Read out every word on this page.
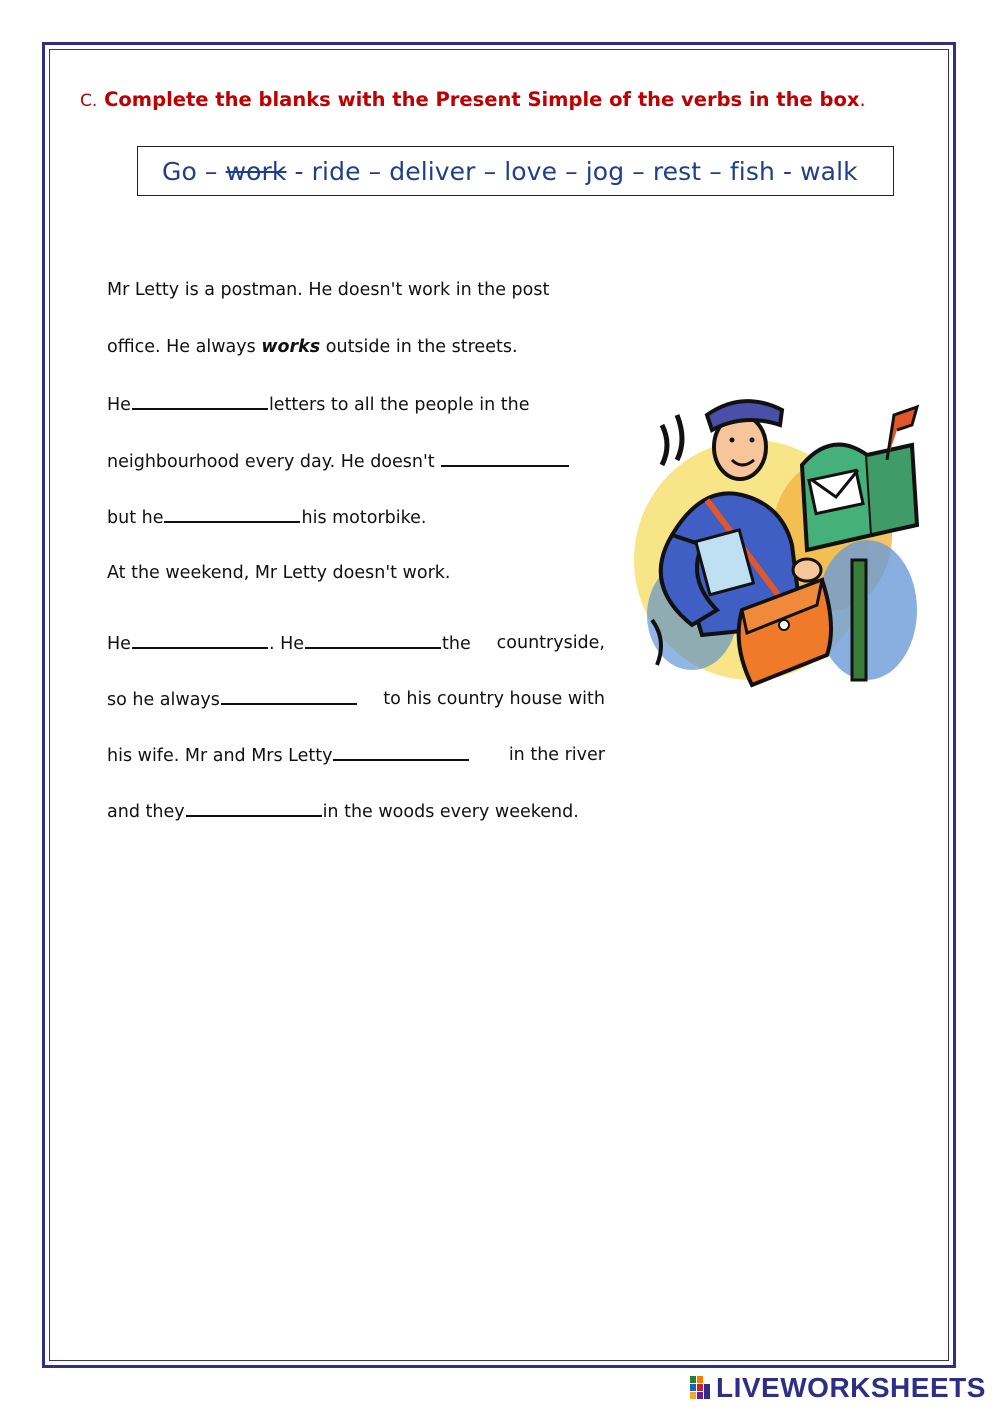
C. Complete the blanks with the Present Simple of the verbs in the box.
Go – work - ride – deliver – love – jog – rest – fish - walk
Mr Letty is a postman. He doesn't work in the post
office. He always works outside in the streets.
He	letters to all the people in the
neighbourhood every day. He doesn't
but he	his motorbike.
At the weekend, Mr Letty doesn't work.
He	. He	the countryside,
so he always	to his country house with
his wife. Mr and Mrs Letty	in the river
and they	in the woods every weekend.
LIVEWORKSHEETS
